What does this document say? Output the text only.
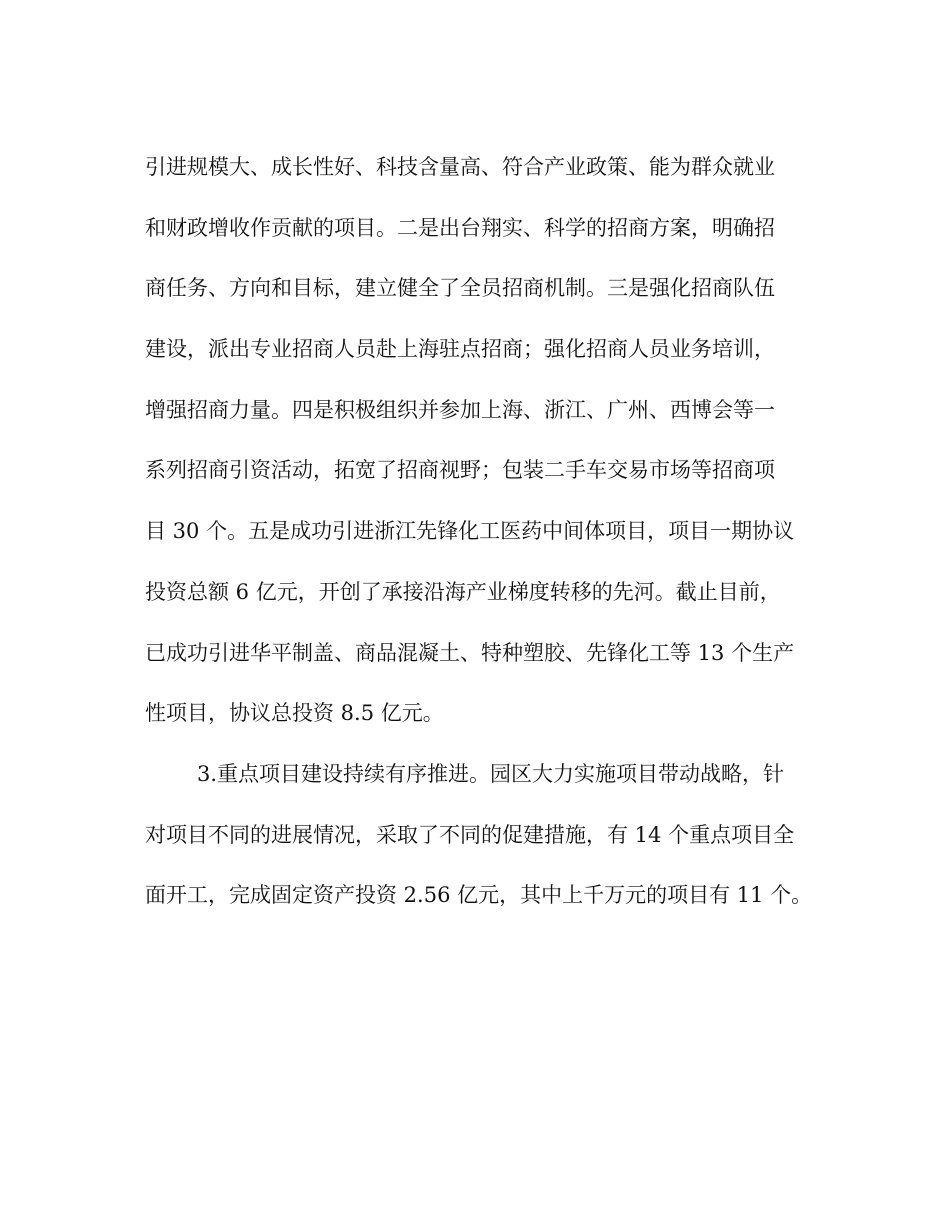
引进规模大、成长性好、科技含量高、符合产业政策、能为群众就业
和财政增收作贡献的项目。二是出台翔实、科学的招商方案，明确招
商任务、方向和目标，建立健全了全员招商机制。三是强化招商队伍
建设，派出专业招商人员赴上海驻点招商；强化招商人员业务培训，
增强招商力量。四是积极组织并参加上海、浙江、广州、西博会等一
系列招商引资活动，拓宽了招商视野；包装二手车交易市场等招商项
目 30 个。五是成功引进浙江先锋化工医药中间体项目，项目一期协议
投资总额 6 亿元，开创了承接沿海产业梯度转移的先河。截止目前，
已成功引进华平制盖、商品混凝土、特种塑胶、先锋化工等 13 个生产
性项目，协议总投资 8.5 亿元。
3.重点项目建设持续有序推进。园区大力实施项目带动战略，针
对项目不同的进展情况，采取了不同的促建措施，有 14 个重点项目全
面开工，完成固定资产投资 2.56 亿元，其中上千万元的项目有 11 个。
